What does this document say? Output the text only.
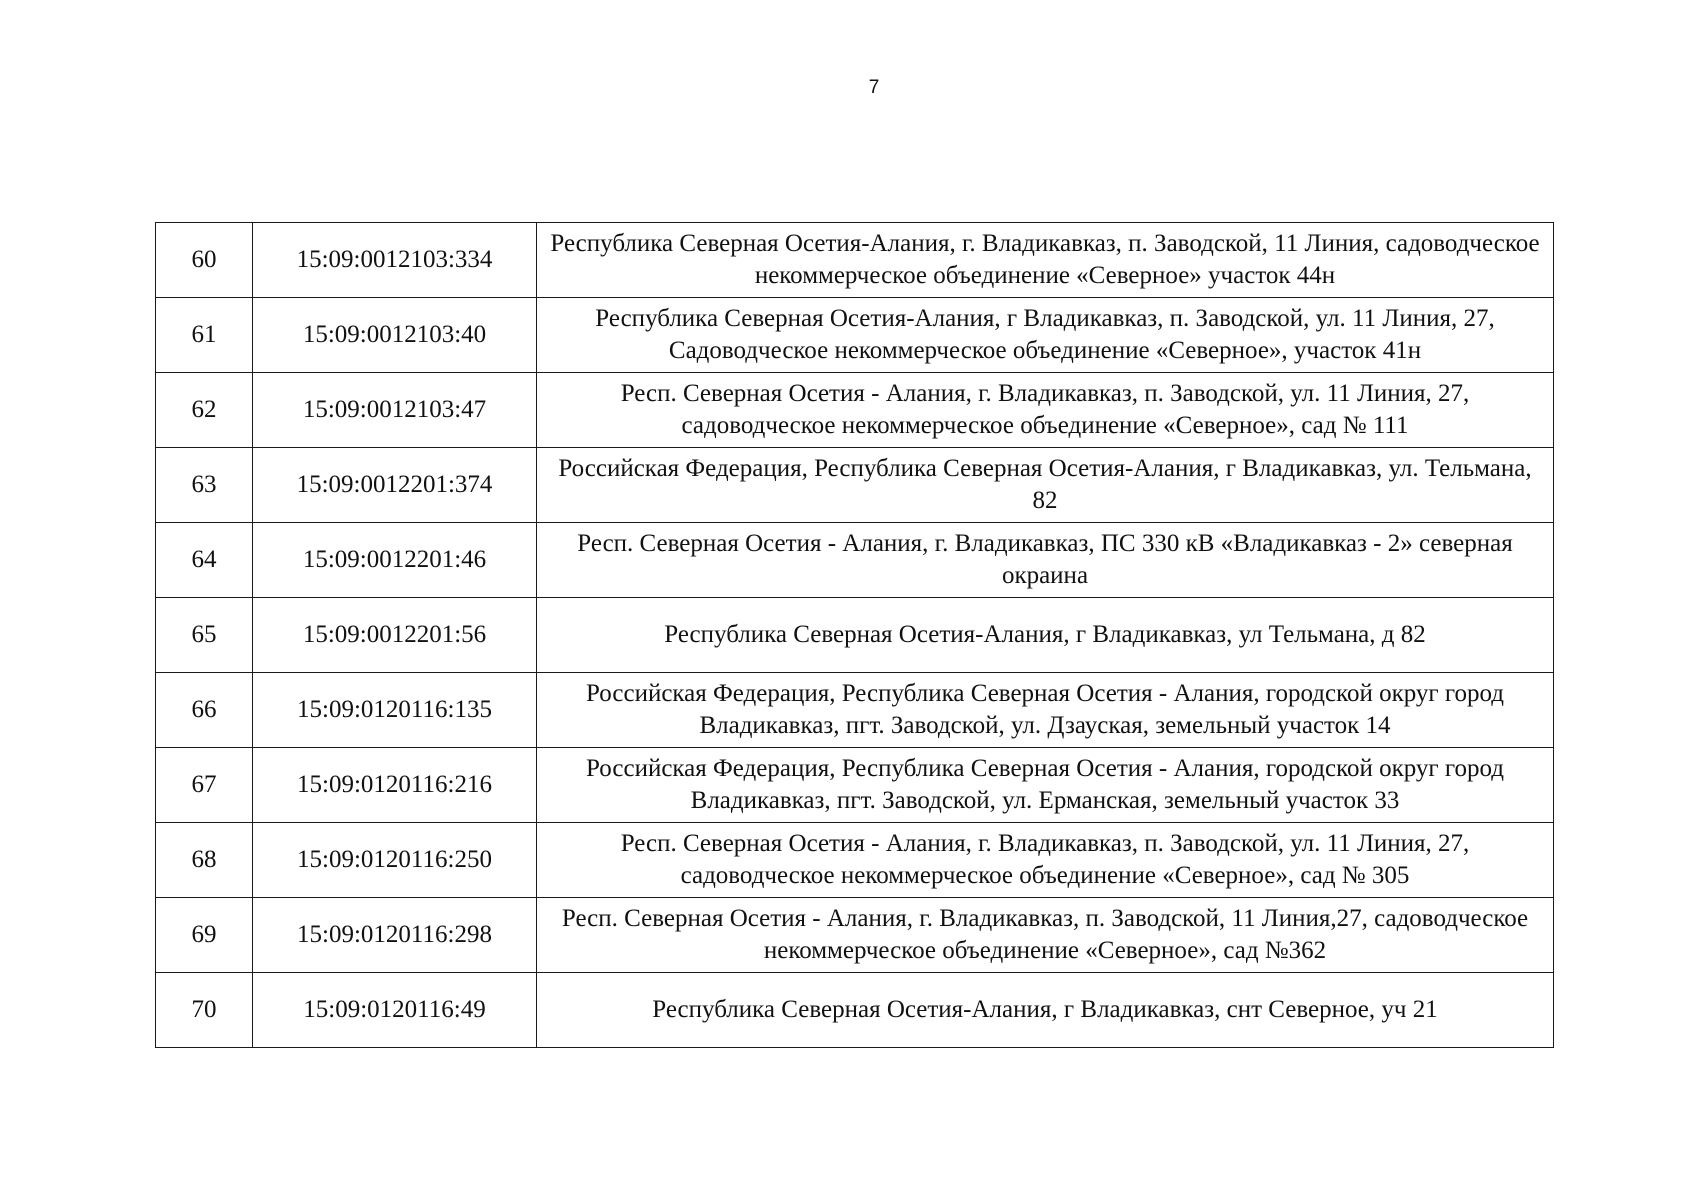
7
60	15:09:0012103:334	Республика Северная Осетия-Алания, г. Владикавказ, п. Заводской, 11 Линия, садоводческое некоммерческое объединение «Северное» участок 44н
61	15:09:0012103:40	Республика Северная Осетия-Алания, г Владикавказ, п. Заводской, ул. 11 Линия, 27, Садоводческое некоммерческое объединение «Северное», участок 41н
62	15:09:0012103:47	Респ. Северная Осетия - Алания, г. Владикавказ, п. Заводской, ул. 11 Линия, 27, садоводческое некоммерческое объединение «Северное», сад № 111
63	15:09:0012201:374	Российская Федерация, Республика Северная Осетия-Алания, г Владикавказ, ул. Тельмана, 82
64	15:09:0012201:46	Респ. Северная Осетия - Алания, г. Владикавказ, ПС 330 кВ «Владикавказ - 2» северная окраина
65	15:09:0012201:56	Республика Северная Осетия-Алания, г Владикавказ, ул Тельмана, д 82
66	15:09:0120116:135	Российская Федерация, Республика Северная Осетия - Алания, городской округ город Владикавказ, пгт. Заводской, ул. Дзауская, земельный участок 14
67	15:09:0120116:216	Российская Федерация, Республика Северная Осетия - Алания, городской округ город Владикавказ, пгт. Заводской, ул. Ерманская, земельный участок 33
68	15:09:0120116:250	Респ. Северная Осетия - Алания, г. Владикавказ, п. Заводской, ул. 11 Линия, 27, садоводческое некоммерческое объединение «Северное», сад № 305
69	15:09:0120116:298	Респ. Северная Осетия - Алания, г. Владикавказ, п. Заводской, 11 Линия,27, садоводческое некоммерческое объединение «Северное», сад №362
70	15:09:0120116:49	Республика Северная Осетия-Алания, г Владикавказ, снт Северное, уч 21
